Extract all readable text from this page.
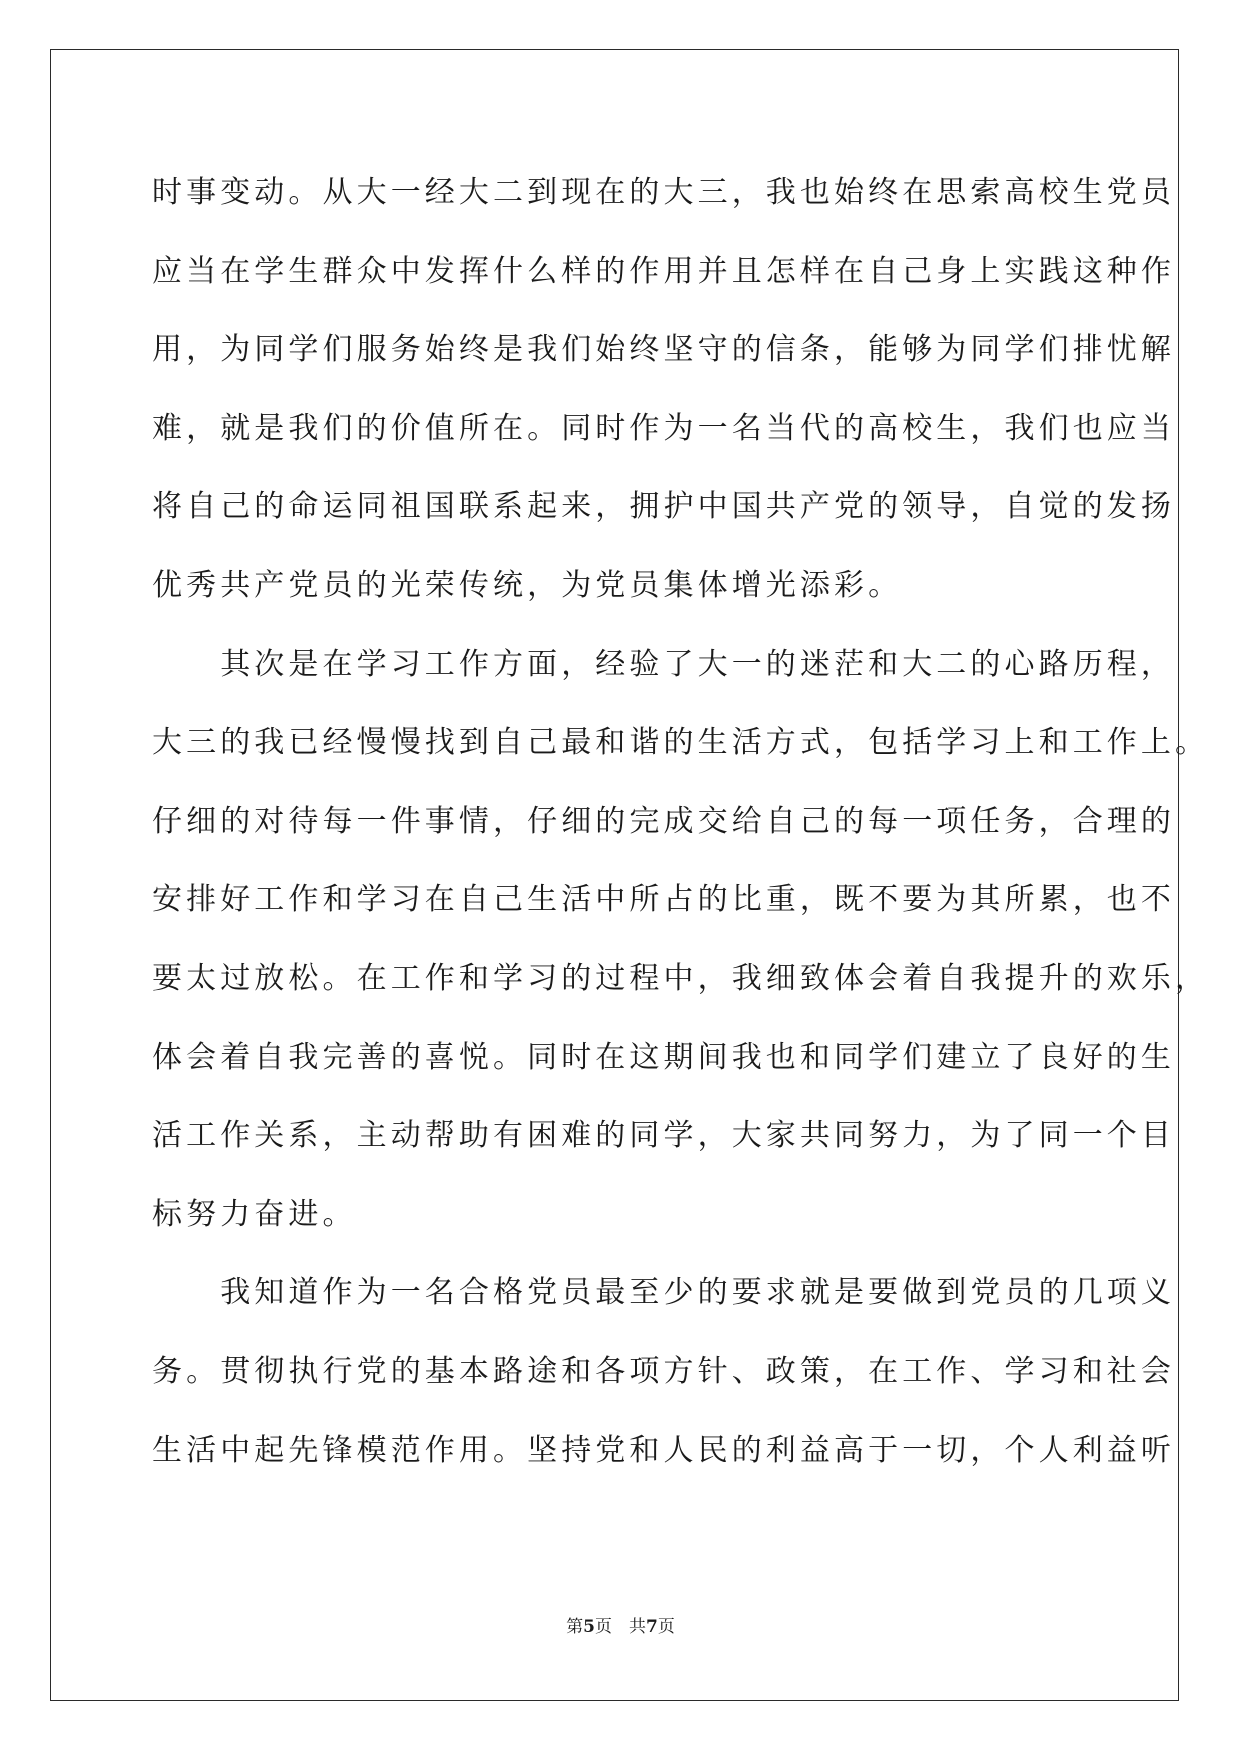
时事变动。从大一经大二到现在的大三，我也始终在思索高校生党员
应当在学生群众中发挥什么样的作用并且怎样在自己身上实践这种作
用，为同学们服务始终是我们始终坚守的信条，能够为同学们排忧解
难，就是我们的价值所在。同时作为一名当代的高校生，我们也应当
将自己的命运同祖国联系起来，拥护中国共产党的领导，自觉的发扬
优秀共产党员的光荣传统，为党员集体增光添彩。
　　其次是在学习工作方面，经验了大一的迷茫和大二的心路历程，
大三的我已经慢慢找到自己最和谐的生活方式，包括学习上和工作上。
仔细的对待每一件事情，仔细的完成交给自己的每一项任务，合理的
安排好工作和学习在自己生活中所占的比重，既不要为其所累，也不
要太过放松。在工作和学习的过程中，我细致体会着自我提升的欢乐，
体会着自我完善的喜悦。同时在这期间我也和同学们建立了良好的生
活工作关系，主动帮助有困难的同学，大家共同努力，为了同一个目
标努力奋进。
　　我知道作为一名合格党员最至少的要求就是要做到党员的几项义
务。贯彻执行党的基本路途和各项方针、政策，在工作、学习和社会
生活中起先锋模范作用。坚持党和人民的利益高于一切，个人利益听
第5页　共7页
